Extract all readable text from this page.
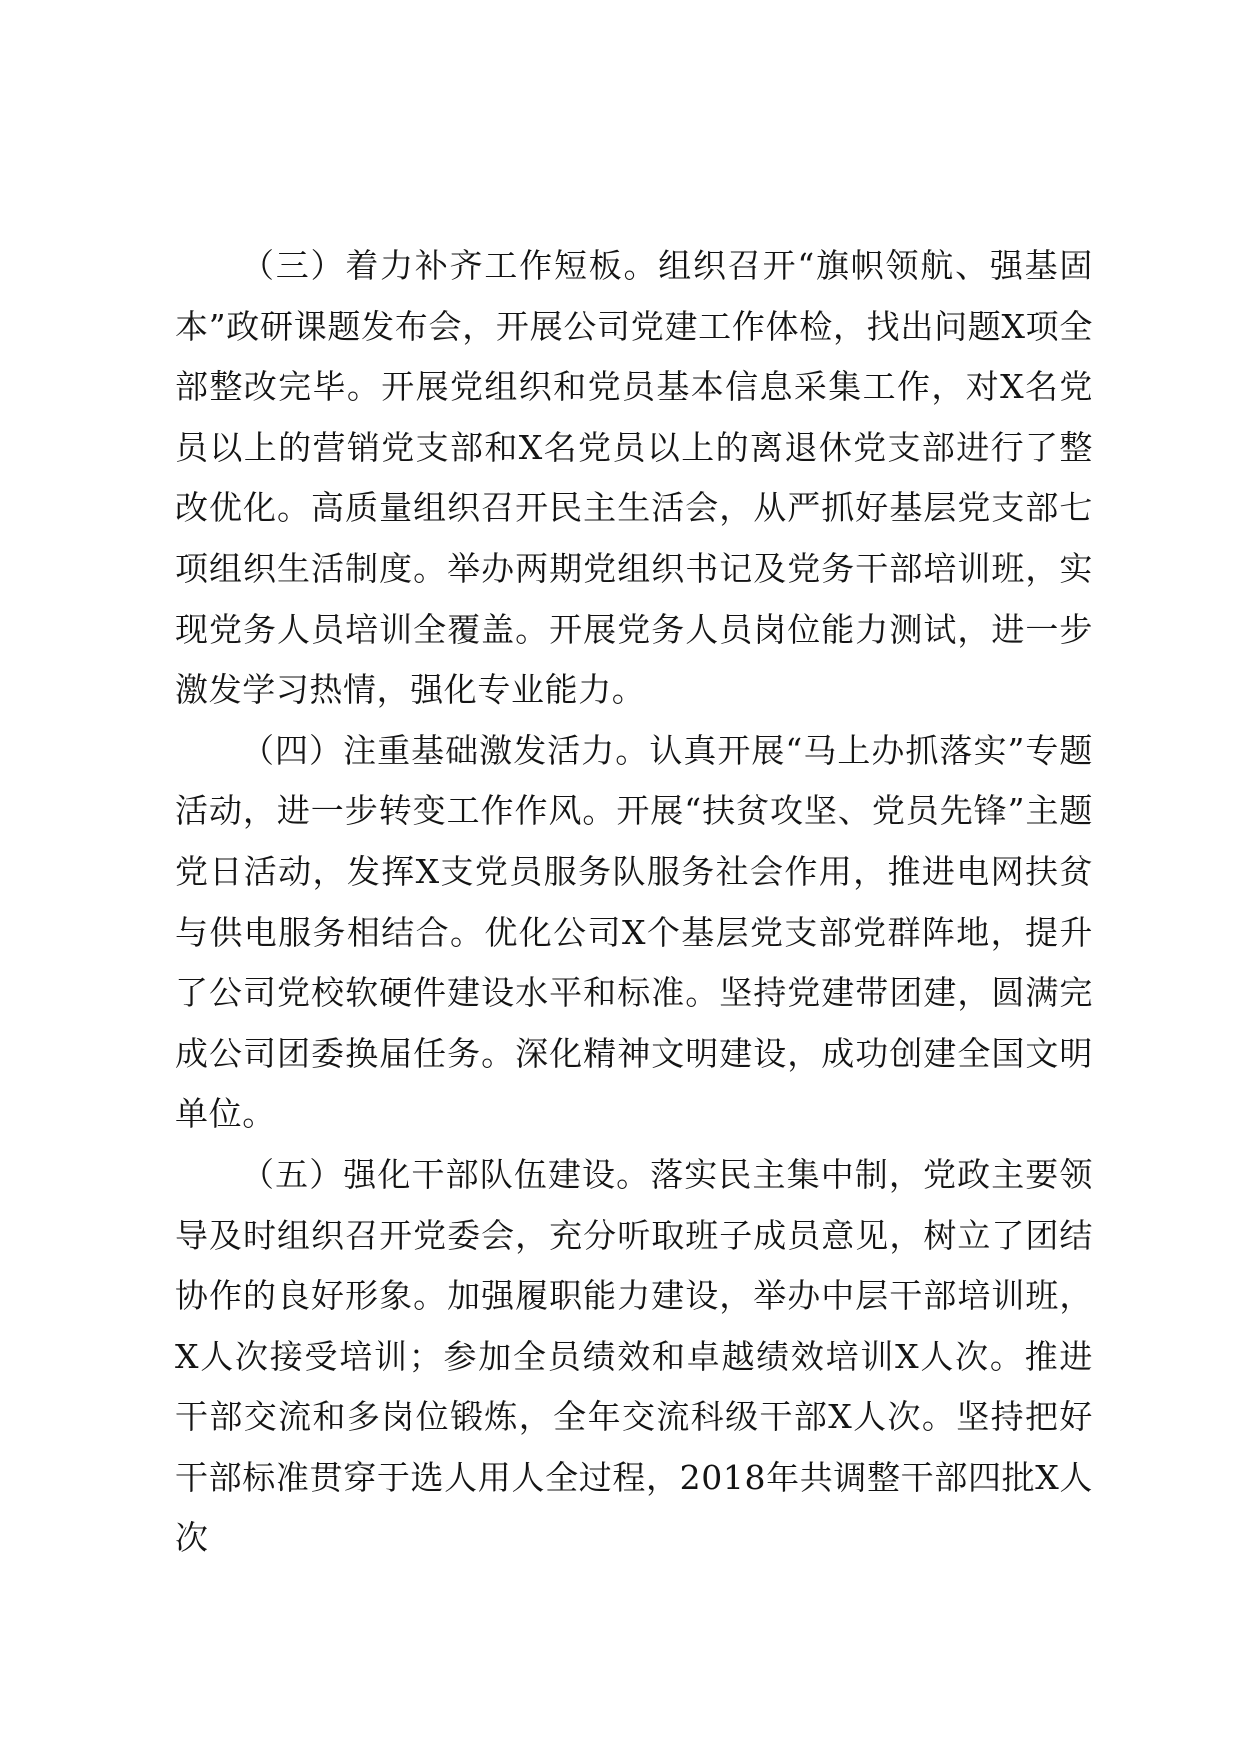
（三）着力补齐工作短板。组织召开“旗帜领航、强基固本”政研课题发布会，开展公司党建工作体检，找出问题X项全部整改完毕。开展党组织和党员基本信息采集工作，对X名党员以上的营销党支部和X名党员以上的离退休党支部进行了整改优化。高质量组织召开民主生活会，从严抓好基层党支部七项组织生活制度。举办两期党组织书记及党务干部培训班，实现党务人员培训全覆盖。开展党务人员岗位能力测试，进一步激发学习热情，强化专业能力。

（四）注重基础激发活力。认真开展“马上办抓落实”专题活动，进一步转变工作作风。开展“扶贫攻坚、党员先锋”主题党日活动，发挥X支党员服务队服务社会作用，推进电网扶贫与供电服务相结合。优化公司X个基层党支部党群阵地，提升了公司党校软硬件建设水平和标准。坚持党建带团建，圆满完成公司团委换届任务。深化精神文明建设，成功创建全国文明单位。

（五）强化干部队伍建设。落实民主集中制，党政主要领导及时组织召开党委会，充分听取班子成员意见，树立了团结协作的良好形象。加强履职能力建设，举办中层干部培训班，X人次接受培训；参加全员绩效和卓越绩效培训X人次。推进干部交流和多岗位锻炼，全年交流科级干部X人次。坚持把好干部标准贯穿于选人用人全过程，2018年共调整干部四批X人次
